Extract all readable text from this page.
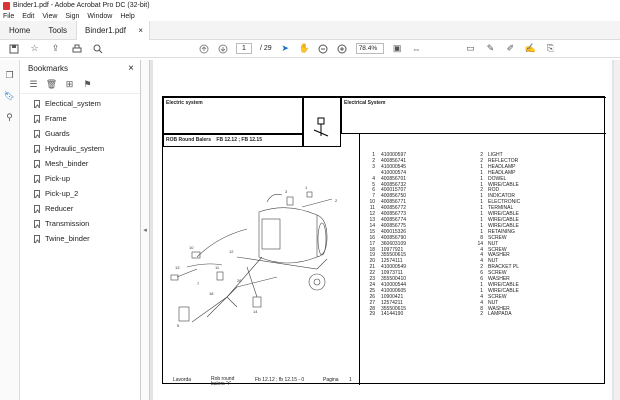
Binder1.pdf - Adobe Acrobat Pro DC (32-bit)
File Edit View Sign Window Help
Home	Tools	Binder1.pdf ×
☆ ⇪	1	/ 29 ➤ ✋	78.4%	▣ ⇔	▭ ✎ ✐ ✍ ⎘
❐
🔖︎
⚲
Bookmarks	×
☰ 🗑︎ ⊞ ⚑
Electical_system
Frame
Guards
Hydraulic_system
Mesh_binder
Pick-up
Pick-up_2
Reducer
Transmission
Twine_binder
◂
Electric system	Electrical System
ROB Round Balers FB 12.12 ; FB 12.15
13
10
11
3
1
2
14
5
12
7
18
26
1 410000597	2 LIGHT
2 400856741	2 REFLECTOR
3 410000545	1 HEADLAMP
410000574	1 HEADLAMP
4 400856701	1 DOWEL
5 400856732	1 WIRE/CABLE
6 400015707	2 ROD
7 400856750	1 INDICATOR
10 400856771	1 ELECTRONIC
11 400856772	1 TERMINAL
12 400856773	1 WIRE/CABLE
13 400856774	1 WIRE/CABLE
14 400856775	1 WIRE/CABLE
15 400015326	1 RETAINING
16 400856790	8 SCREW
17 360603109	14 NUT
18 10977921	4 SCREW
19 355500615	4 WASHER
20 12574111	4 NUT
21 410000549	2 BRACKET PL
22 10973711	6 SCREW
23 355500410	6 WASHER
24 410000544	1 WIRE/CABLE
25 410000605	1 WIRE/CABLE
26 10900421	4 SCREW
27 12574211	4 NUT
28 355500615	8 WASHER
29 14144190	2 LAMPADA
Lavorda	Rob round balers "r"
Fb 12.12 ; fb 12.15 - 0	Pagina 1
